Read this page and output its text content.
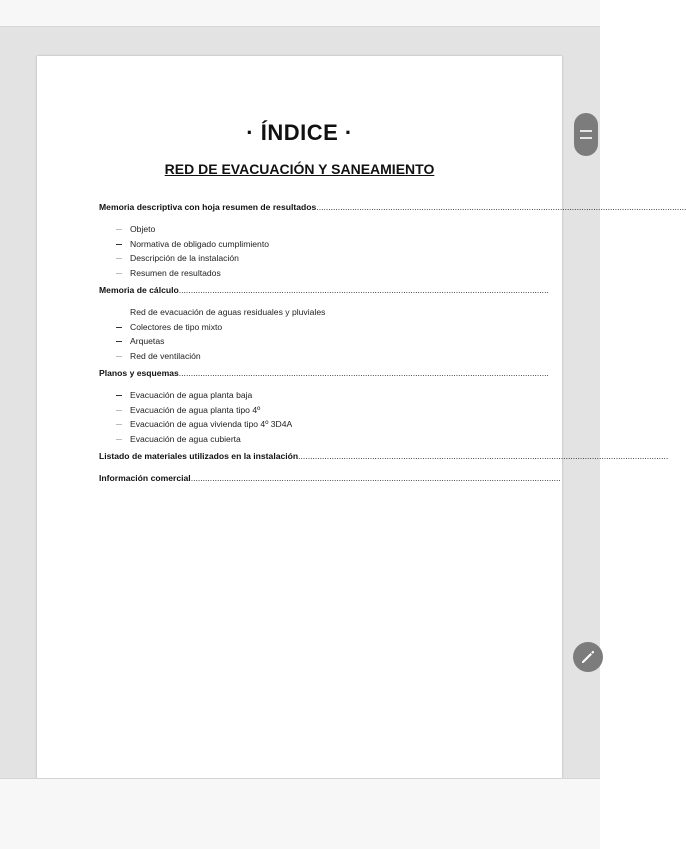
· ÍNDICE ·
RED DE EVACUACIÓN Y SANEAMIENTO
Memoria descriptiva con hoja resumen de resultados...........................................................................................................................................................
Objeto
Normativa de obligado cumplimiento
Descripción de la instalación
Resumen de resultados
Memoria de cálculo...........................................................................................................................................................
Red de evacuación de aguas residuales y pluviales
Colectores de tipo mixto
Arquetas
Red de ventilación
Planos y esquemas...........................................................................................................................................................
Evacuación de agua planta baja
Evacuación de agua planta tipo 4º
Evacuación de agua vivienda tipo 4º 3D4A
Evacuación de agua cubierta
Listado de materiales utilizados en la instalación...........................................................................................................................................................
Información comercial...........................................................................................................................................................
